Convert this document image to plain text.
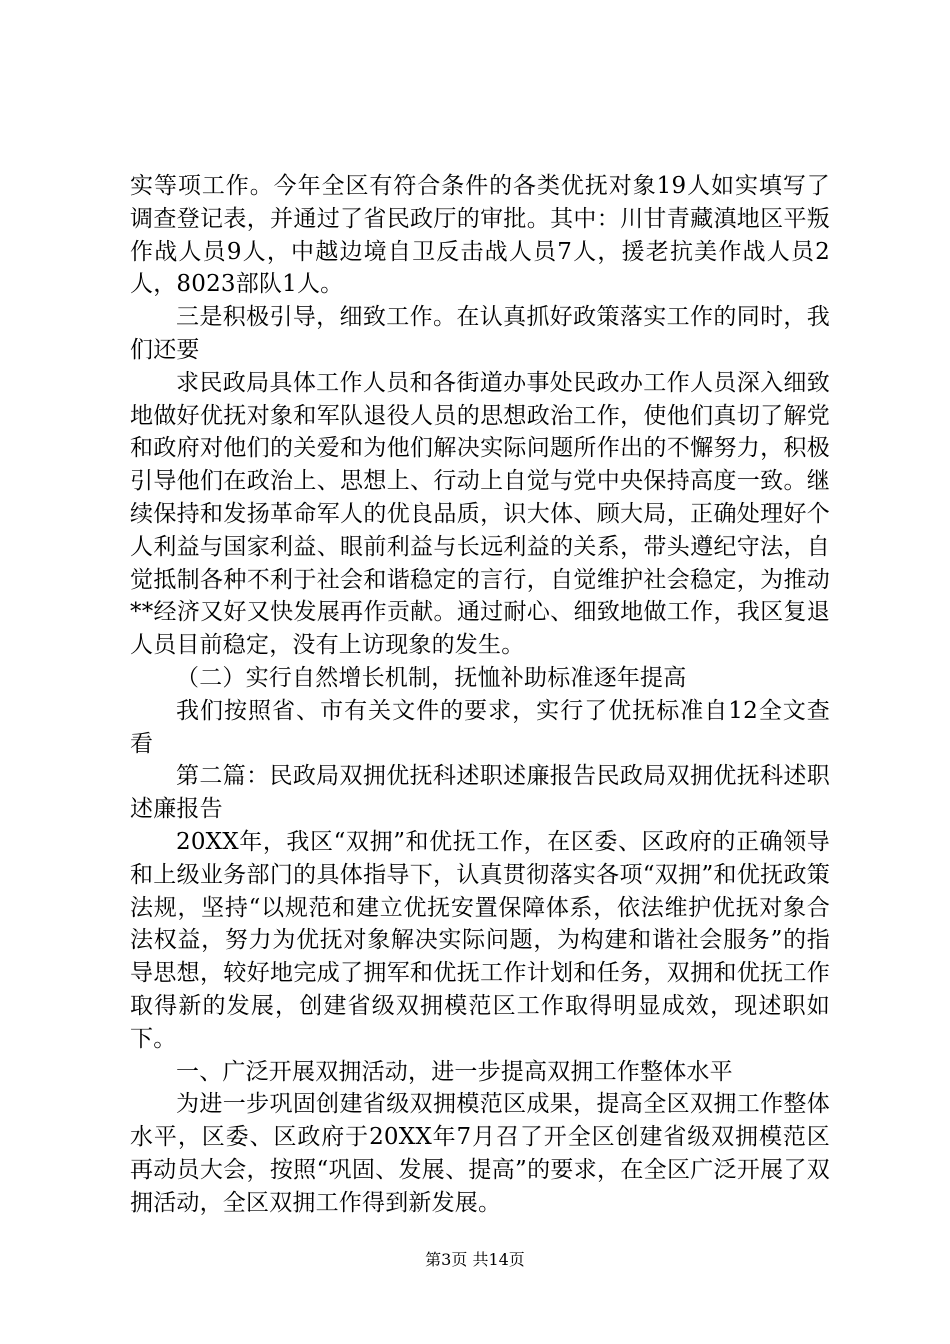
实等项工作。今年全区有符合条件的各类优抚对象19人如实填写了调查登记表，并通过了省民政厅的审批。其中：川甘青藏滇地区平叛作战人员9人，中越边境自卫反击战人员7人，援老抗美作战人员2人，8023部队1人。

三是积极引导，细致工作。在认真抓好政策落实工作的同时，我们还要

求民政局具体工作人员和各街道办事处民政办工作人员深入细致地做好优抚对象和军队退役人员的思想政治工作，使他们真切了解党和政府对他们的关爱和为他们解决实际问题所作出的不懈努力，积极引导他们在政治上、思想上、行动上自觉与党中央保持高度一致。继续保持和发扬革命军人的优良品质，识大体、顾大局，正确处理好个人利益与国家利益、眼前利益与长远利益的关系，带头遵纪守法，自觉抵制各种不利于社会和谐稳定的言行，自觉维护社会稳定，为推动**经济又好又快发展再作贡献。通过耐心、细致地做工作，我区复退人员目前稳定，没有上访现象的发生。

（二）实行自然增长机制，抚恤补助标准逐年提高

我们按照省、市有关文件的要求，实行了优抚标准自12全文查看

第二篇：民政局双拥优抚科述职述廉报告民政局双拥优抚科述职述廉报告

20XX年，我区“双拥”和优抚工作，在区委、区政府的正确领导和上级业务部门的具体指导下，认真贯彻落实各项“双拥”和优抚政策法规，坚持“以规范和建立优抚安置保障体系，依法维护优抚对象合法权益，努力为优抚对象解决实际问题，为构建和谐社会服务”的指导思想，较好地完成了拥军和优抚工作计划和任务，双拥和优抚工作取得新的发展，创建省级双拥模范区工作取得明显成效，现述职如下。

一、广泛开展双拥活动，进一步提高双拥工作整体水平

为进一步巩固创建省级双拥模范区成果，提高全区双拥工作整体水平，区委、区政府于20XX年7月召了开全区创建省级双拥模范区再动员大会，按照“巩固、发展、提高”的要求，在全区广泛开展了双拥活动，全区双拥工作得到新发展。

第3页 共14页
